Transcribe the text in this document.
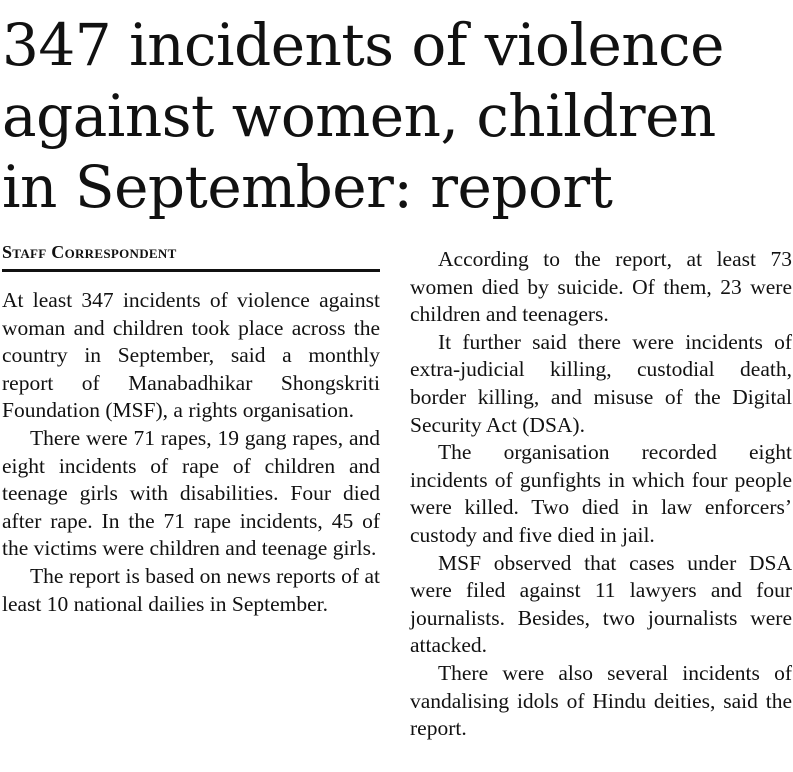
347 incidents of violence
against women, children
in September: report
Staff Correspondent

At least 347 incidents of violence against woman and children took place across the country in September, said a monthly report of Manabadhikar Shongskriti Foundation (MSF), a rights organisation.

There were 71 rapes, 19 gang rapes, and eight incidents of rape of children and teenage girls with disabilities. Four died after rape. In the 71 rape incidents, 45 of the victims were children and teenage girls.

The report is based on news reports of at least 10 national dailies in September.

According to the report, at least 73 women died by suicide. Of them, 23 were children and teenagers.

It further said there were incidents of extra-judicial killing, custodial death, border killing, and misuse of the Digital Security Act (DSA).

The organisation recorded eight incidents of gunfights in which four people were killed. Two died in law enforcers’ custody and five died in jail.

MSF observed that cases under DSA were filed against 11 lawyers and four journalists. Besides, two journalists were attacked.

There were also several incidents of vandalising idols of Hindu deities, said the report.
